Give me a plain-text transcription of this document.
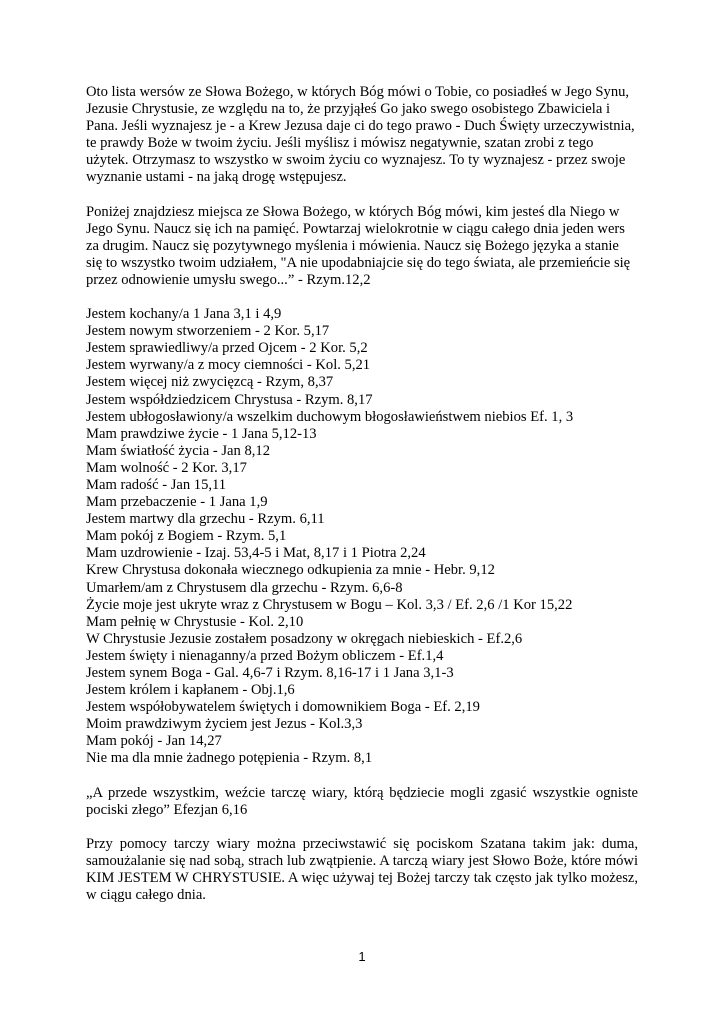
Oto lista wersów ze Słowa Bożego, w których Bóg mówi o Tobie, co posiadłeś w Jego Synu, Jezusie Chrystusie, ze względu na to, że przyjąłeś Go jako swego osobistego Zbawiciela i Pana. Jeśli wyznajesz je - a Krew Jezusa daje ci do tego prawo - Duch Święty urzeczywistnia, te prawdy Boże w twoim życiu. Jeśli myślisz i mówisz negatywnie, szatan zrobi z tego użytek. Otrzymasz to wszystko w swoim życiu co wyznajesz. To ty wyznajesz - przez swoje wyznanie ustami - na jaką drogę wstępujesz.

Poniżej znajdziesz miejsca ze Słowa Bożego, w których Bóg mówi, kim jesteś dla Niego w Jego Synu. Naucz się ich na pamięć. Powtarzaj wielokrotnie w ciągu całego dnia jeden wers za drugim. Naucz się pozytywnego myślenia i mówienia. Naucz się Bożego języka a stanie się to wszystko twoim udziałem, "A nie upodabniajcie się do tego świata, ale przemieńcie się przez odnowienie umysłu swego...” - Rzym.12,2

Jestem kochany/a 1 Jana 3,1 i 4,9
Jestem nowym stworzeniem - 2 Kor. 5,17
Jestem sprawiedliwy/a przed Ojcem - 2 Kor. 5,2
Jestem wyrwany/a z mocy ciemności - Kol. 5,21
Jestem więcej niż zwycięzcą - Rzym, 8,37
Jestem współdziedzicem Chrystusa - Rzym. 8,17
Jestem ubłogosławiony/a wszelkim duchowym błogosławieństwem niebios Ef. 1, 3
Mam prawdziwe życie - 1 Jana 5,12-13
Mam światłość życia - Jan 8,12
Mam wolność - 2 Kor. 3,17
Mam radość - Jan 15,11
Mam przebaczenie - 1 Jana 1,9
Jestem martwy dla grzechu - Rzym. 6,11
Mam pokój z Bogiem - Rzym. 5,1
Mam uzdrowienie - Izaj. 53,4-5 i Mat, 8,17 i 1 Piotra 2,24
Krew Chrystusa dokonała wiecznego odkupienia za mnie - Hebr. 9,12
Umarłem/am z Chrystusem dla grzechu - Rzym. 6,6-8
Życie moje jest ukryte wraz z Chrystusem w Bogu – Kol. 3,3 / Ef. 2,6 /1 Kor 15,22
Mam pełnię w Chrystusie - Kol. 2,10
W Chrystusie Jezusie zostałem posadzony w okręgach niebieskich - Ef.2,6
Jestem święty i nienaganny/a przed Bożym obliczem - Ef.1,4
Jestem synem Boga - Gal. 4,6-7 i Rzym. 8,16-17 i 1 Jana 3,1-3
Jestem królem i kapłanem - Obj.1,6
Jestem współobywatelem świętych i domownikiem Boga - Ef. 2,19
Moim prawdziwym życiem jest Jezus - Kol.3,3
Mam pokój - Jan 14,27
Nie ma dla mnie żadnego potępienia - Rzym. 8,1

„A przede wszystkim, weźcie tarczę wiary, którą będziecie mogli zgasić wszystkie ogniste pociski złego” Efezjan 6,16

Przy pomocy tarczy wiary można przeciwstawić się pociskom Szatana takim jak: duma, samoużalanie się nad sobą, strach lub zwątpienie. A tarczą wiary jest Słowo Boże, które mówi KIM JESTEM W CHRYSTUSIE. A więc używaj tej Bożej tarczy tak często jak tylko możesz, w ciągu całego dnia.

1
